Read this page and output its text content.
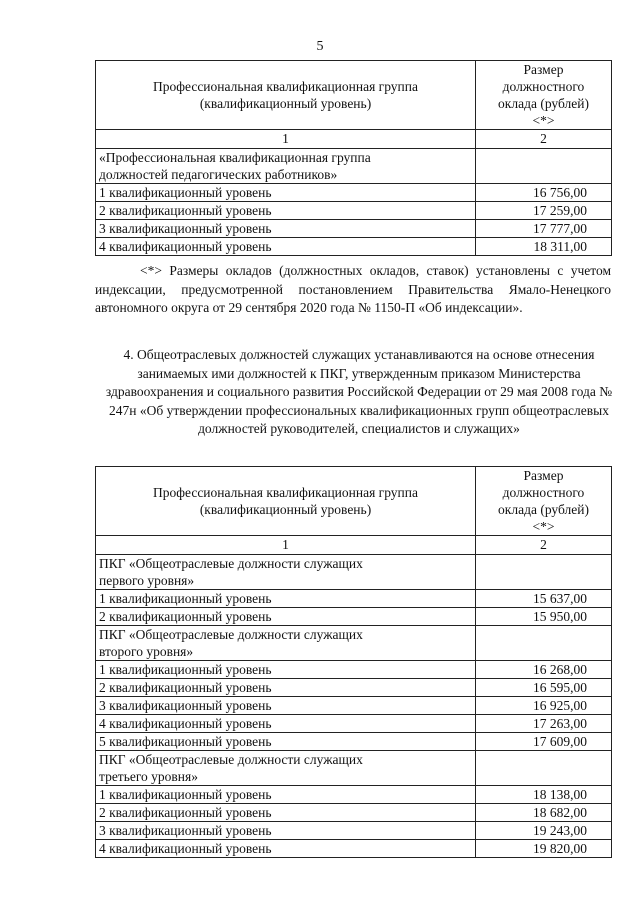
5
Профессиональная квалификационная группа (квалификационный уровень)	Размер должностного оклада (рублей) <*>
1	2
«Профессиональная квалификационная группа должностей педагогических работников»	
1 квалификационный уровень	16 756,00
2 квалификационный уровень	17 259,00
3 квалификационный уровень	17 777,00
4 квалификационный уровень	18 311,00
<*> Размеры окладов (должностных окладов, ставок) установлены с учетом индексации, предусмотренной постановлением Правительства Ямало-Ненецкого автономного округа от 29 сентября 2020 года № 1150-П «Об индексации».
4. Общеотраслевых должностей служащих устанавливаются на основе отнесения занимаемых ими должностей к ПКГ, утвержденным приказом Министерства здравоохранения и социального развития Российской Федерации от 29 мая 2008 года № 247н «Об утверждении профессиональных квалификационных групп общеотраслевых должностей руководителей, специалистов и служащих»
Профессиональная квалификационная группа (квалификационный уровень)	Размер должностного оклада (рублей) <*>
1	2
ПКГ «Общеотраслевые должности служащих первого уровня»	
1 квалификационный уровень	15 637,00
2 квалификационный уровень	15 950,00
ПКГ «Общеотраслевые должности служащих второго уровня»	
1 квалификационный уровень	16 268,00
2 квалификационный уровень	16 595,00
3 квалификационный уровень	16 925,00
4 квалификационный уровень	17 263,00
5 квалификационный уровень	17 609,00
ПКГ «Общеотраслевые должности служащих третьего уровня»	
1 квалификационный уровень	18 138,00
2 квалификационный уровень	18 682,00
3 квалификационный уровень	19 243,00
4 квалификационный уровень	19 820,00
